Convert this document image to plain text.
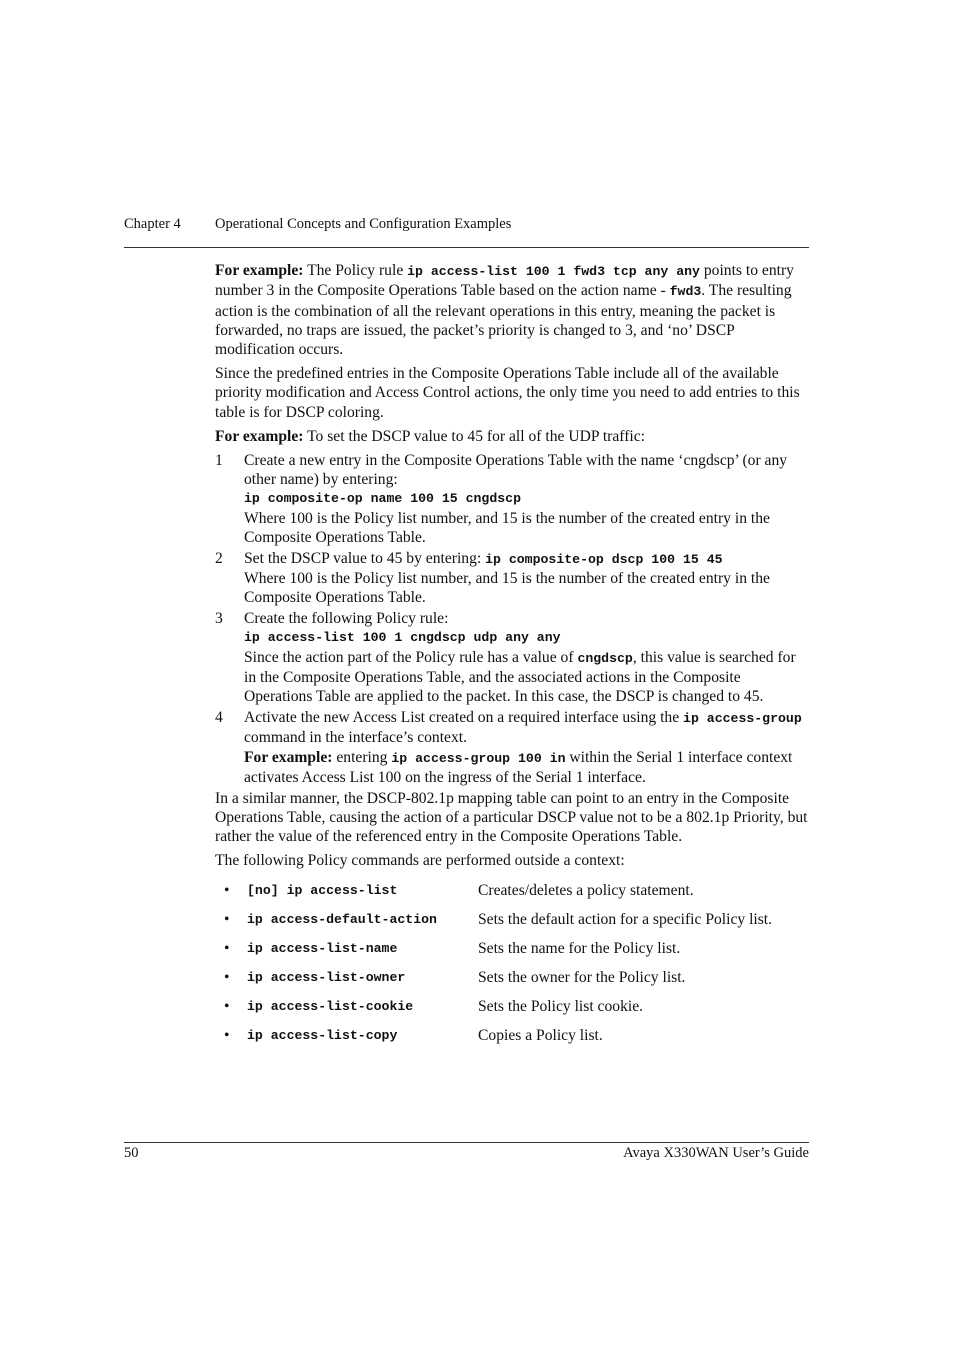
Chapter 4 Operational Concepts and Configuration Examples

For example: The Policy rule ip access-list 100 1 fwd3 tcp any any points to entry number 3 in the Composite Operations Table based on the action name - fwd3. The resulting action is the combination of all the relevant operations in this entry, meaning the packet is forwarded, no traps are issued, the packet’s priority is changed to 3, and ‘no’ DSCP modification occurs.

Since the predefined entries in the Composite Operations Table include all of the available priority modification and Access Control actions, the only time you need to add entries to this table is for DSCP coloring.

For example: To set the DSCP value to 45 for all of the UDP traffic:

1 Create a new entry in the Composite Operations Table with the name ‘cngdscp’ (or any other name) by entering:
ip composite-op name 100 15 cngdscp
Where 100 is the Policy list number, and 15 is the number of the created entry in the Composite Operations Table.
2 Set the DSCP value to 45 by entering: ip composite-op dscp 100 15 45
Where 100 is the Policy list number, and 15 is the number of the created entry in the Composite Operations Table.
3 Create the following Policy rule:
ip access-list 100 1 cngdscp udp any any
Since the action part of the Policy rule has a value of cngdscp, this value is searched for in the Composite Operations Table, and the associated actions in the Composite Operations Table are applied to the packet. In this case, the DSCP is changed to 45.
4 Activate the new Access List created on a required interface using the ip access-group command in the interface’s context.
For example: entering ip access-group 100 in within the Serial 1 interface context activates Access List 100 on the ingress of the Serial 1 interface.

In a similar manner, the DSCP-802.1p mapping table can point to an entry in the Composite Operations Table, causing the action of a particular DSCP value not to be a 802.1p Priority, but rather the value of the referenced entry in the Composite Operations Table.

The following Policy commands are performed outside a context:

• [no] ip access-list	Creates/deletes a policy statement.
• ip access-default-action	Sets the default action for a specific Policy list.
• ip access-list-name	Sets the name for the Policy list.
• ip access-list-owner	Sets the owner for the Policy list.
• ip access-list-cookie	Sets the Policy list cookie.
• ip access-list-copy	Copies a Policy list.
50	Avaya X330WAN User’s Guide
